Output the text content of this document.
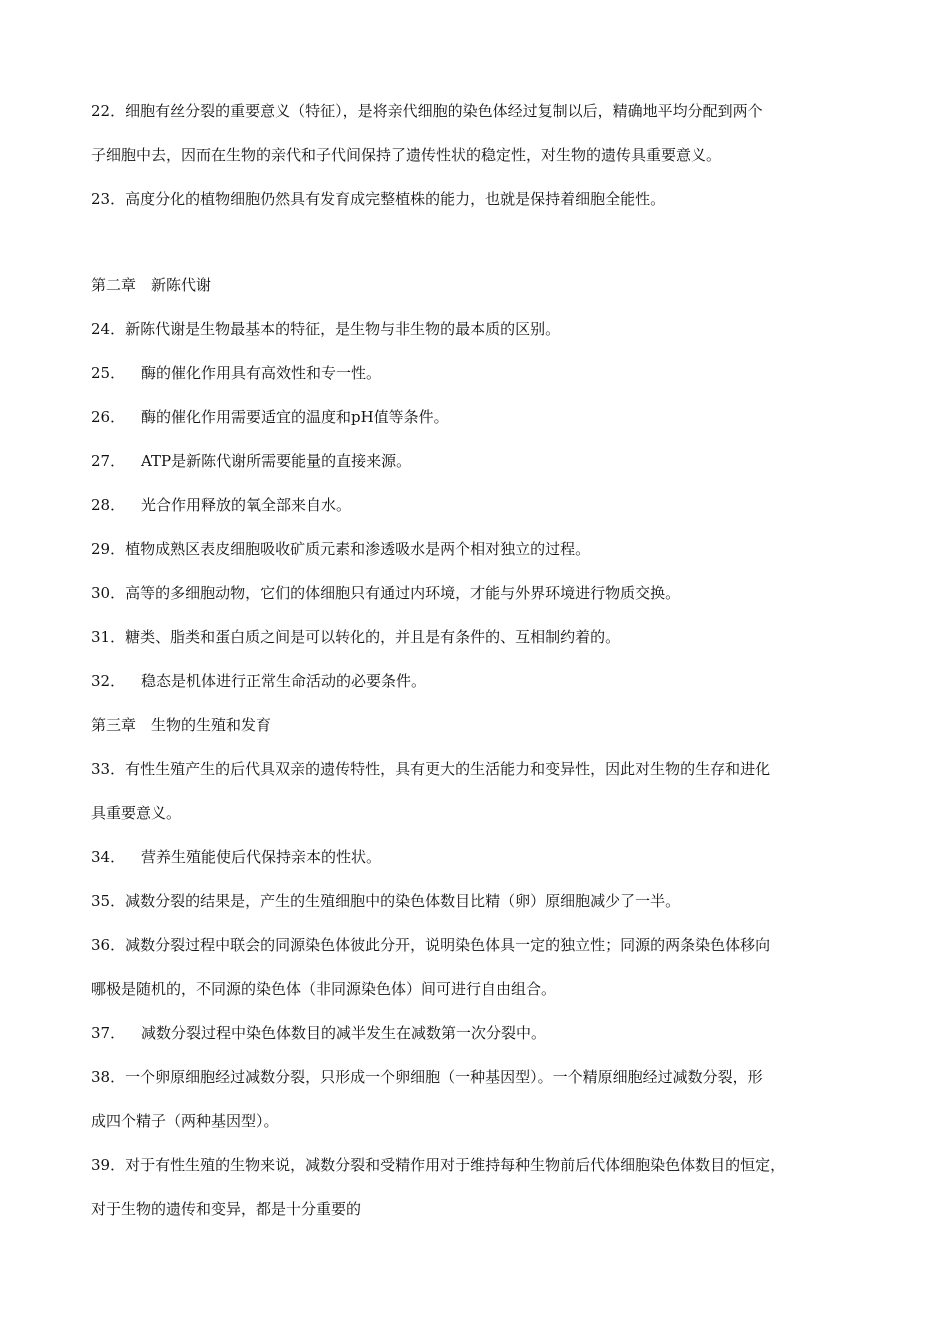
22．细胞有丝分裂的重要意义（特征），是将亲代细胞的染色体经过复制以后，精确地平均分配到两个
子细胞中去，因而在生物的亲代和子代间保持了遗传性状的稳定性，对生物的遗传具重要意义。
23．高度分化的植物细胞仍然具有发育成完整植株的能力，也就是保持着细胞全能性。
第二章　新陈代谢
24．新陈代谢是生物最基本的特征，是生物与非生物的最本质的区别。
25． 酶的催化作用具有高效性和专一性。
26． 酶的催化作用需要适宜的温度和pH值等条件。
27． ATP是新陈代谢所需要能量的直接来源。
28． 光合作用释放的氧全部来自水。
29．植物成熟区表皮细胞吸收矿质元素和渗透吸水是两个相对独立的过程。
30．高等的多细胞动物，它们的体细胞只有通过内环境，才能与外界环境进行物质交换。
31．糖类、脂类和蛋白质之间是可以转化的，并且是有条件的、互相制约着的。
32． 稳态是机体进行正常生命活动的必要条件。
第三章　生物的生殖和发育
33．有性生殖产生的后代具双亲的遗传特性，具有更大的生活能力和变异性，因此对生物的生存和进化
具重要意义。
34． 营养生殖能使后代保持亲本的性状。
35．减数分裂的结果是，产生的生殖细胞中的染色体数目比精（卵）原细胞减少了一半。
36．减数分裂过程中联会的同源染色体彼此分开，说明染色体具一定的独立性；同源的两条染色体移向
哪极是随机的，不同源的染色体（非同源染色体）间可进行自由组合。
37． 减数分裂过程中染色体数目的减半发生在减数第一次分裂中。
38．一个卵原细胞经过减数分裂，只形成一个卵细胞（一种基因型）。一个精原细胞经过减数分裂，形
成四个精子（两种基因型）。
39．对于有性生殖的生物来说，减数分裂和受精作用对于维持每种生物前后代体细胞染色体数目的恒定，
对于生物的遗传和变异，都是十分重要的
